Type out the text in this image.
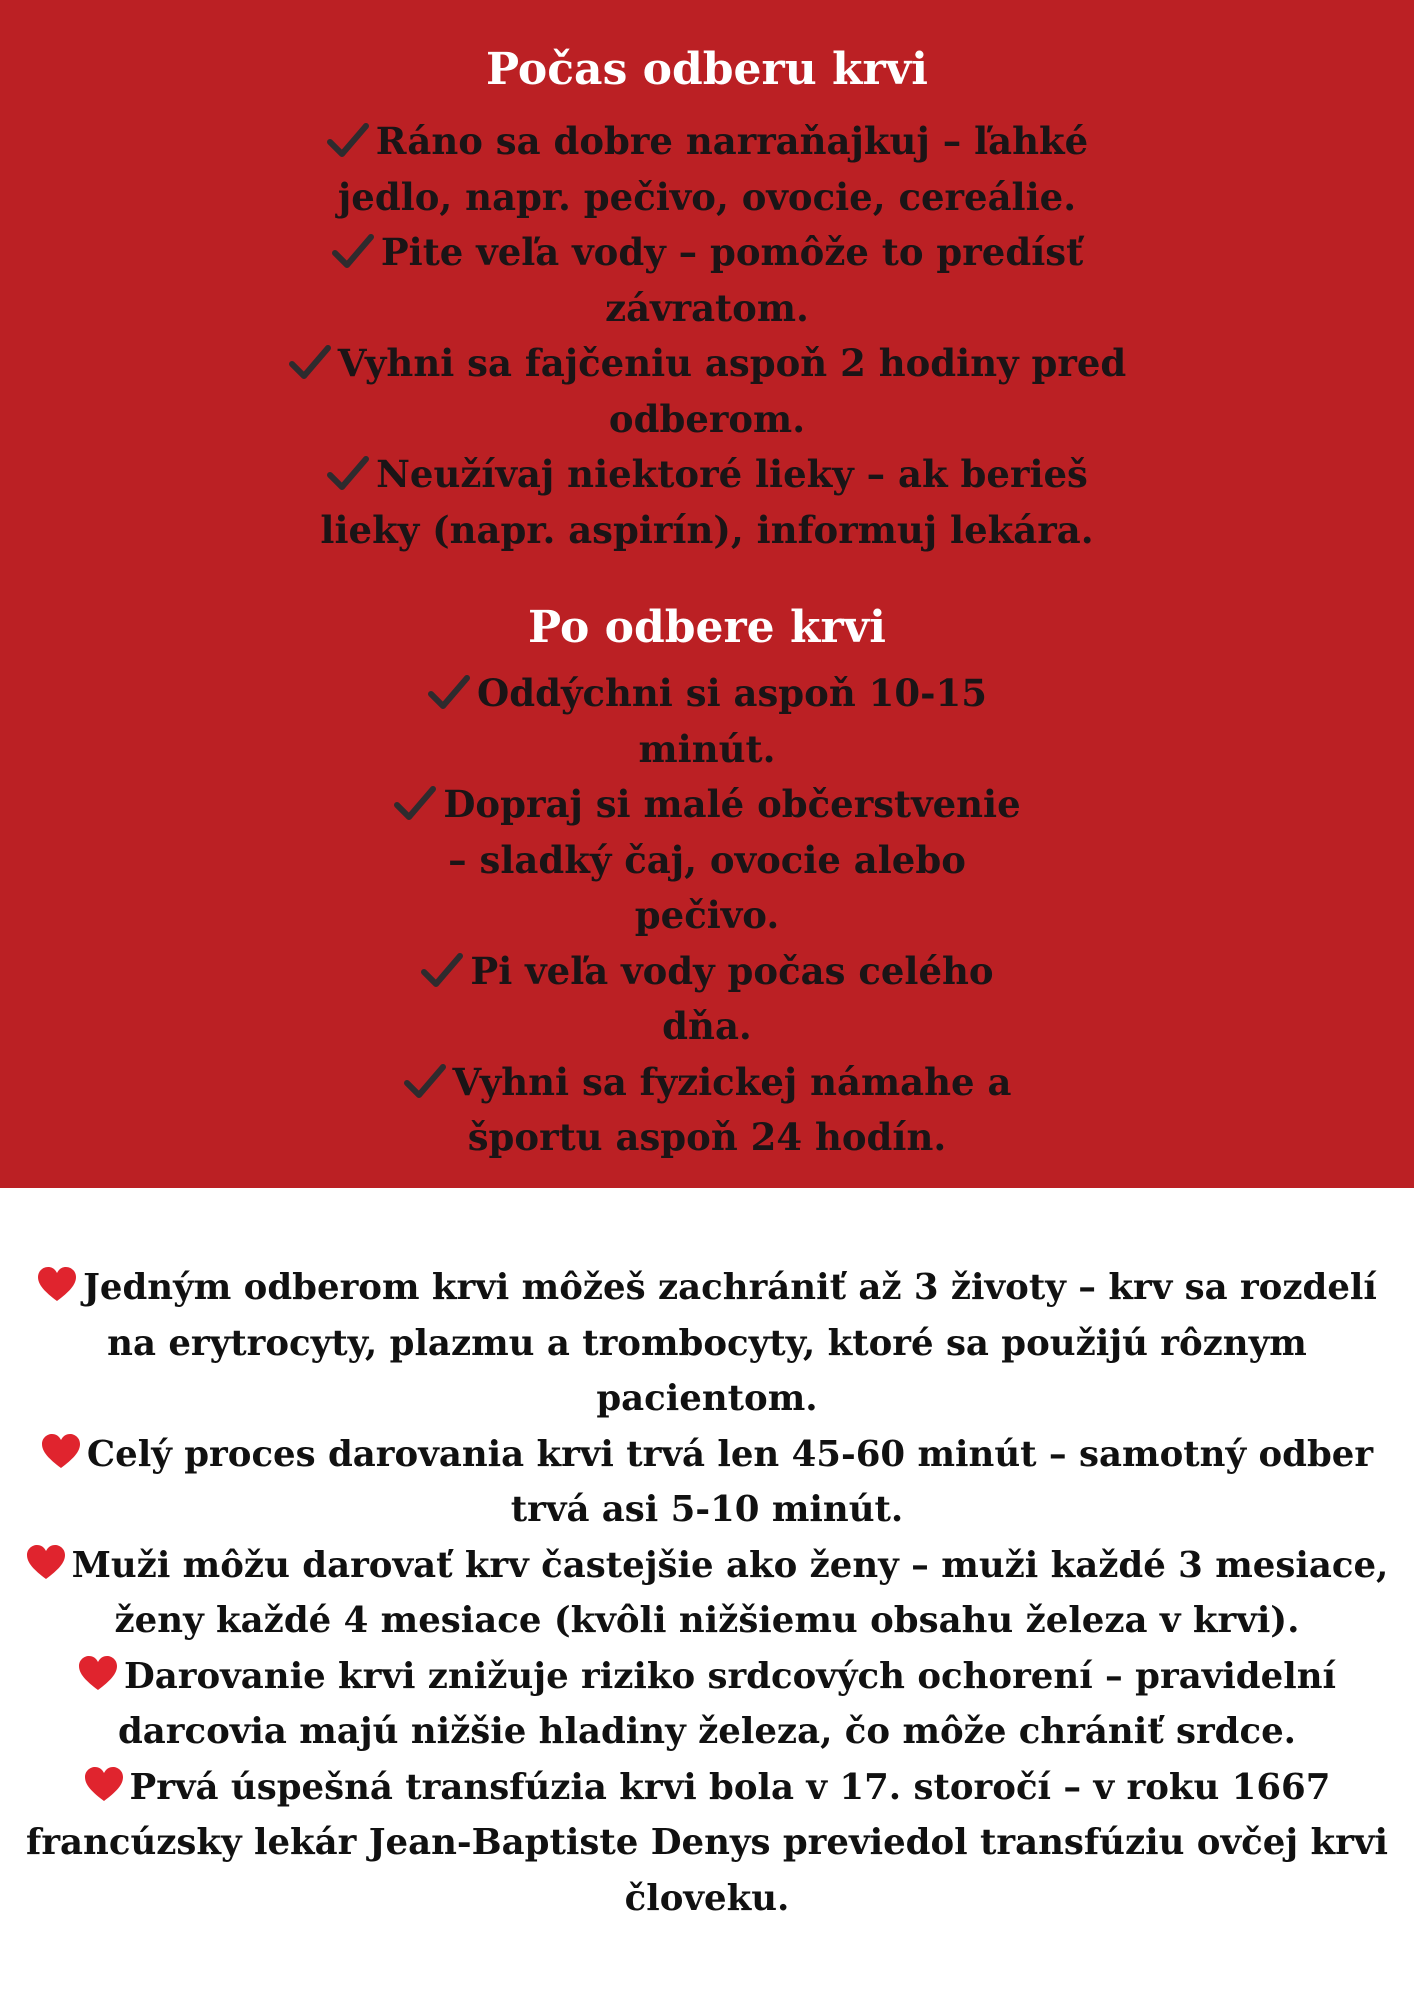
Počas odberu krvi
Ráno sa dobre narraňajkuj – ľahké jedlo, napr. pečivo, ovocie, cereálie.
Pite veľa vody – pomôže to predísť závratom.
Vyhni sa fajčeniu aspoň 2 hodiny pred odberom.
Neužívaj niektoré lieky – ak berieš lieky (napr. aspirín), informuj lekára.
Po odbere krvi
Oddýchni si aspoň 10-15 minút.
Dopraj si malé občerstvenie – sladký čaj, ovocie alebo pečivo.
Pi veľa vody počas celého dňa.
Vyhni sa fyzickej námahe a športu aspoň 24 hodín.
Jedným odberom krvi môžeš zachrániť až 3 životy – krv sa rozdelí na erytrocyty, plazmu a trombocyty, ktoré sa použijú rôznym pacientom.
Celý proces darovania krvi trvá len 45-60 minút – samotný odber trvá asi 5-10 minút.
Muži môžu darovať krv častejšie ako ženy – muži každé 3 mesiace, ženy každé 4 mesiace (kvôli nižšiemu obsahu železa v krvi).
Darovanie krvi znižuje riziko srdcových ochorení – pravidelní darcovia majú nižšie hladiny železa, čo môže chrániť srdce.
Prvá úspešná transfúzia krvi bola v 17. storočí – v roku 1667 francúzsky lekár Jean-Baptiste Denys previedol transfúziu ovčej krvi človeku.
